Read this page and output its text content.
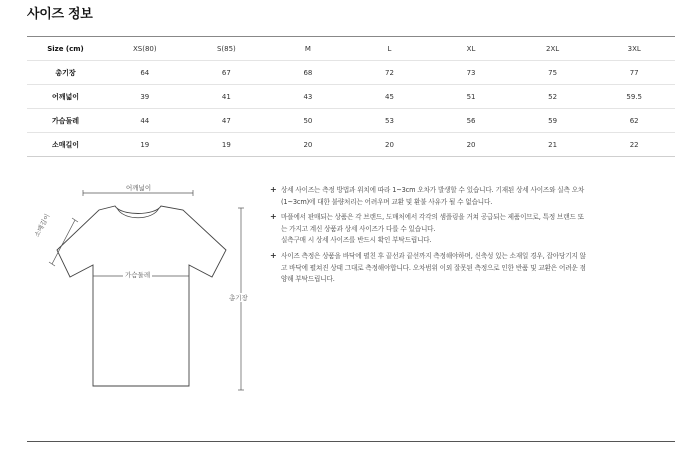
사이즈 정보
Size (cm)	XS(80)	S(85)	M	L	XL	2XL	3XL
총기장	64	67	68	72	73	75	77
어깨넓이	39	41	43	45	51	52	59.5
가슴둘레	44	47	50	53	56	59	62
소매길이	19	19	20	20	20	21	22
어깨넓이
소매길이
가슴둘레
총기장
+ 상세 사이즈는 측정 방법과 위치에 따라 1~3cm 오차가 발생할 수 있습니다. 기재된 상세 사이즈와 실측 오차
(1~3cm)에 대한 불량처리는 어려우며 교환 및 환불 사유가 될 수 없습니다.
+ 마플에서 판매되는 상품은 각 브랜드, 도매처에서 각각의 샘플링을 거쳐 공급되는 제품이므로, 특정 브랜드 또
는 가지고 계신 상품과 상세 사이즈가 다를 수 있습니다.
실측구매 시 상세 사이즈를 반드시 확인 부탁드립니다.
+ 사이즈 측정은 상품을 바닥에 펼친 후 끝선과 끝선까지 측정해야하며, 신축성 있는 소재일 경우, 잡아당기지 않
고 바닥에 펼쳐진 상태 그대로 측정해야합니다. 오차범위 이외 잘못된 측정으로 인한 반품 및 교환은 어려운 점
양해 부탁드립니다.
